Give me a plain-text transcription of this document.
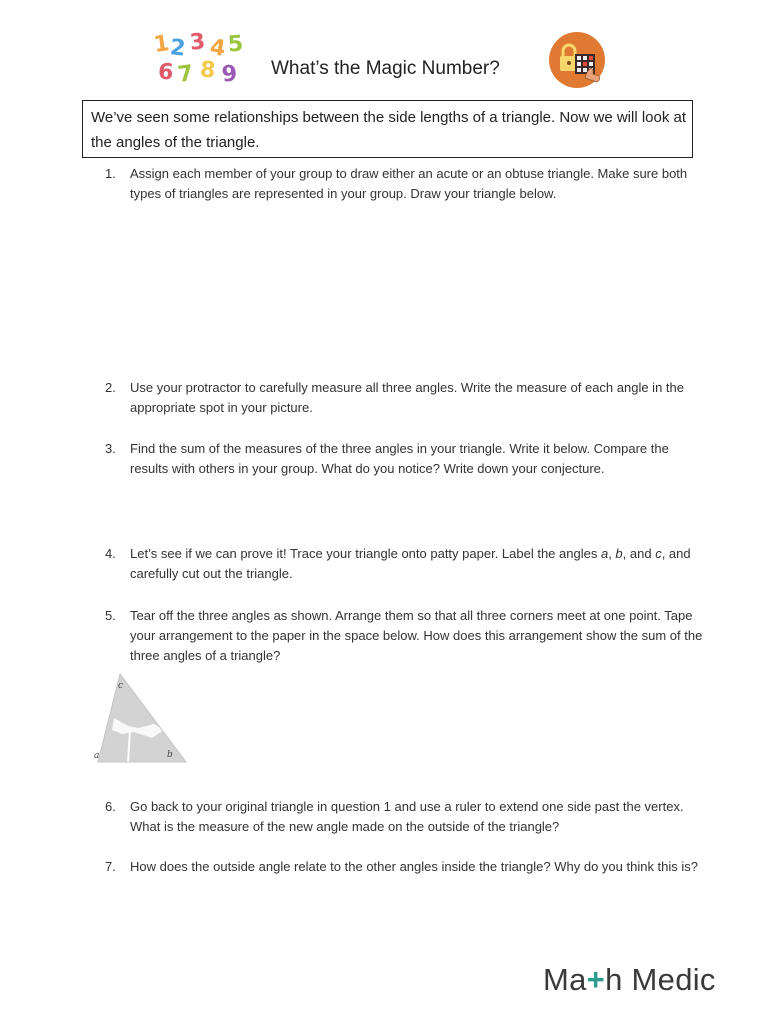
1
2 3 4 5
6 7 8 9 What’s the Magic Number?
We’ve seen some relationships between the side lengths of a triangle. Now we will look at the angles of the triangle.
1.	Assign each member of your group to draw either an acute or an obtuse triangle. Make sure both types of triangles are represented in your group. Draw your triangle below.
2.	Use your protractor to carefully measure all three angles. Write the measure of each angle in the appropriate spot in your picture.
3.	Find the sum of the measures of the three angles in your triangle. Write it below. Compare the results with others in your group. What do you notice? Write down your conjecture.
4.	Let’s see if we can prove it! Trace your triangle onto patty paper. Label the angles a, b, and c, and carefully cut out the triangle.
5.	Tear off the three angles as shown. Arrange them so that all three corners meet at one point. Tape your arrangement to the paper in the space below. How does this arrangement show the sum of the three angles of a triangle?
c
a	b
6.	Go back to your original triangle in question 1 and use a ruler to extend one side past the vertex. What is the measure of the new angle made on the outside of the triangle?
7.	How does the outside angle relate to the other angles inside the triangle? Why do you think this is?
Ma+h Medic
